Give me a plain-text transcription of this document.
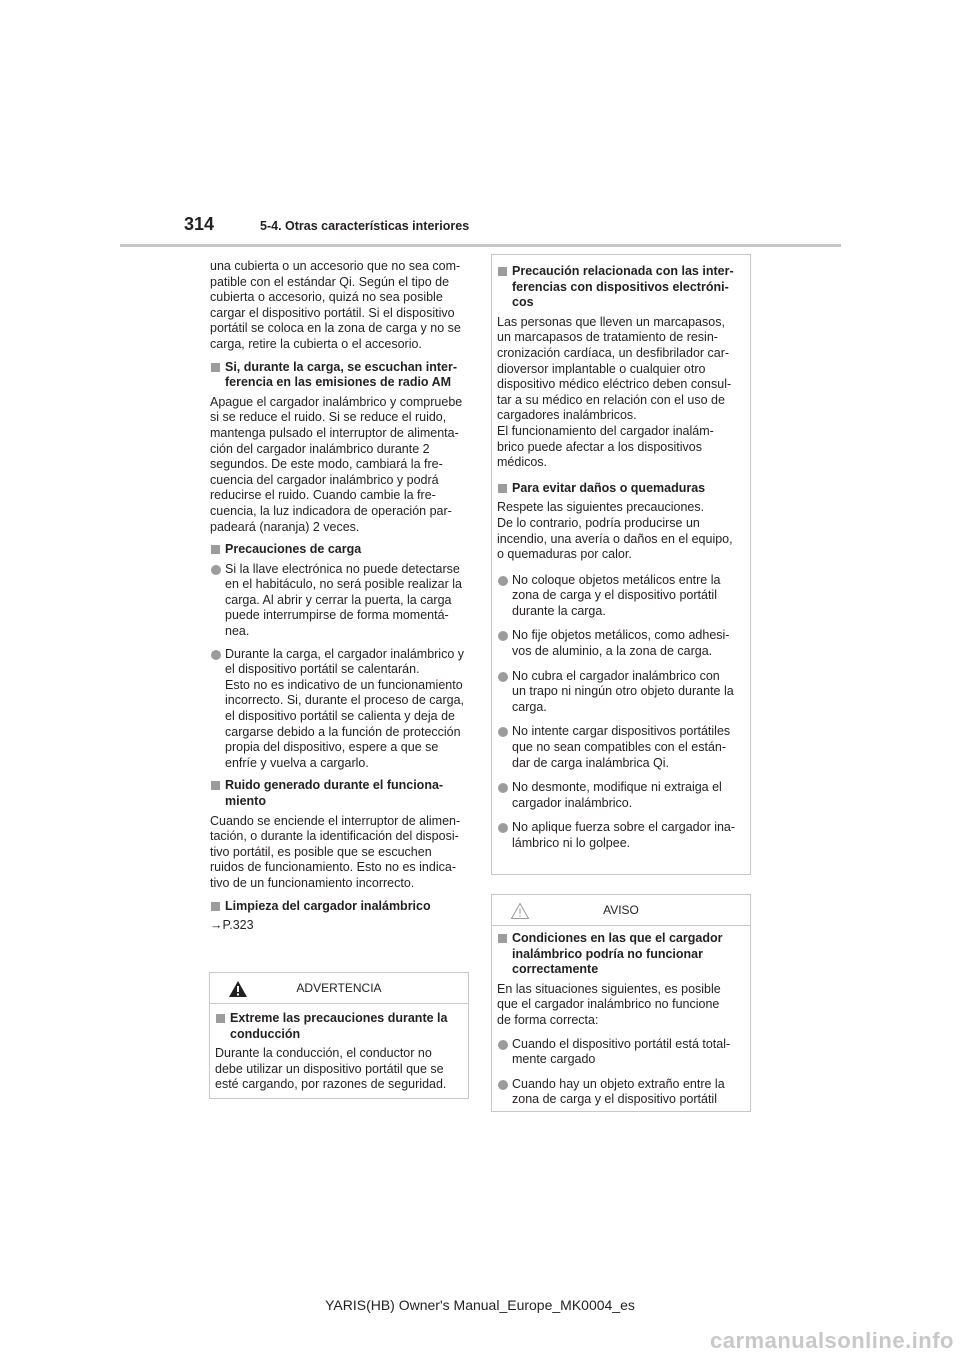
314	5-4. Otras características interiores

una cubierta o un accesorio que no sea com-
patible con el estándar Qi. Según el tipo de
cubierta o accesorio, quizá no sea posible
cargar el dispositivo portátil. Si el dispositivo
portátil se coloca en la zona de carga y no se
carga, retire la cubierta o el accesorio.

Si, durante la carga, se escuchan inter-
ferencia en las emisiones de radio AM

Apague el cargador inalámbrico y compruebe
si se reduce el ruido. Si se reduce el ruido,
mantenga pulsado el interruptor de alimenta-
ción del cargador inalámbrico durante 2
segundos. De este modo, cambiará la fre-
cuencia del cargador inalámbrico y podrá
reducirse el ruido. Cuando cambie la fre-
cuencia, la luz indicadora de operación par-
padeará (naranja) 2 veces.

Precauciones de carga
Si la llave electrónica no puede detectarse
en el habitáculo, no será posible realizar la
carga. Al abrir y cerrar la puerta, la carga
puede interrumpirse de forma momentá-
nea.
Durante la carga, el cargador inalámbrico y
el dispositivo portátil se calentarán.
Esto no es indicativo de un funcionamiento
incorrecto. Si, durante el proceso de carga,
el dispositivo portátil se calienta y deja de
cargarse debido a la función de protección
propia del dispositivo, espere a que se
enfríe y vuelva a cargarlo.
Ruido generado durante el funciona-
miento

Cuando se enciende el interruptor de alimen-
tación, o durante la identificación del disposi-
tivo portátil, es posible que se escuchen
ruidos de funcionamiento. Esto no es indica-
tivo de un funcionamiento incorrecto.

Limpieza del cargador inalámbrico

→P.323

ADVERTENCIA
Extreme las precauciones durante la
conducción

Durante la conducción, el conductor no
debe utilizar un dispositivo portátil que se
esté cargando, por razones de seguridad.

Precaución relacionada con las inter-
ferencias con dispositivos electróni-
cos

Las personas que lleven un marcapasos,
un marcapasos de tratamiento de resin-
cronización cardíaca, un desfibrilador car-
dioversor implantable o cualquier otro
dispositivo médico eléctrico deben consul-
tar a su médico en relación con el uso de
cargadores inalámbricos.
El funcionamiento del cargador inalám-
brico puede afectar a los dispositivos
médicos.

Para evitar daños o quemaduras

Respete las siguientes precauciones.
De lo contrario, podría producirse un
incendio, una avería o daños en el equipo,
o quemaduras por calor.

No coloque objetos metálicos entre la
zona de carga y el dispositivo portátil
durante la carga.
No fije objetos metálicos, como adhesi-
vos de aluminio, a la zona de carga.
No cubra el cargador inalámbrico con
un trapo ni ningún otro objeto durante la
carga.
No intente cargar dispositivos portátiles
que no sean compatibles con el están-
dar de carga inalámbrica Qi.
No desmonte, modifique ni extraiga el
cargador inalámbrico.
No aplique fuerza sobre el cargador ina-
lámbrico ni lo golpee.
AVISO
Condiciones en las que el cargador
inalámbrico podría no funcionar
correctamente

En las situaciones siguientes, es posible
que el cargador inalámbrico no funcione
de forma correcta:

Cuando el dispositivo portátil está total-
mente cargado
Cuando hay un objeto extraño entre la
zona de carga y el dispositivo portátil
YARIS(HB) Owner's Manual_Europe_MK0004_es
carmanualsonline.info
